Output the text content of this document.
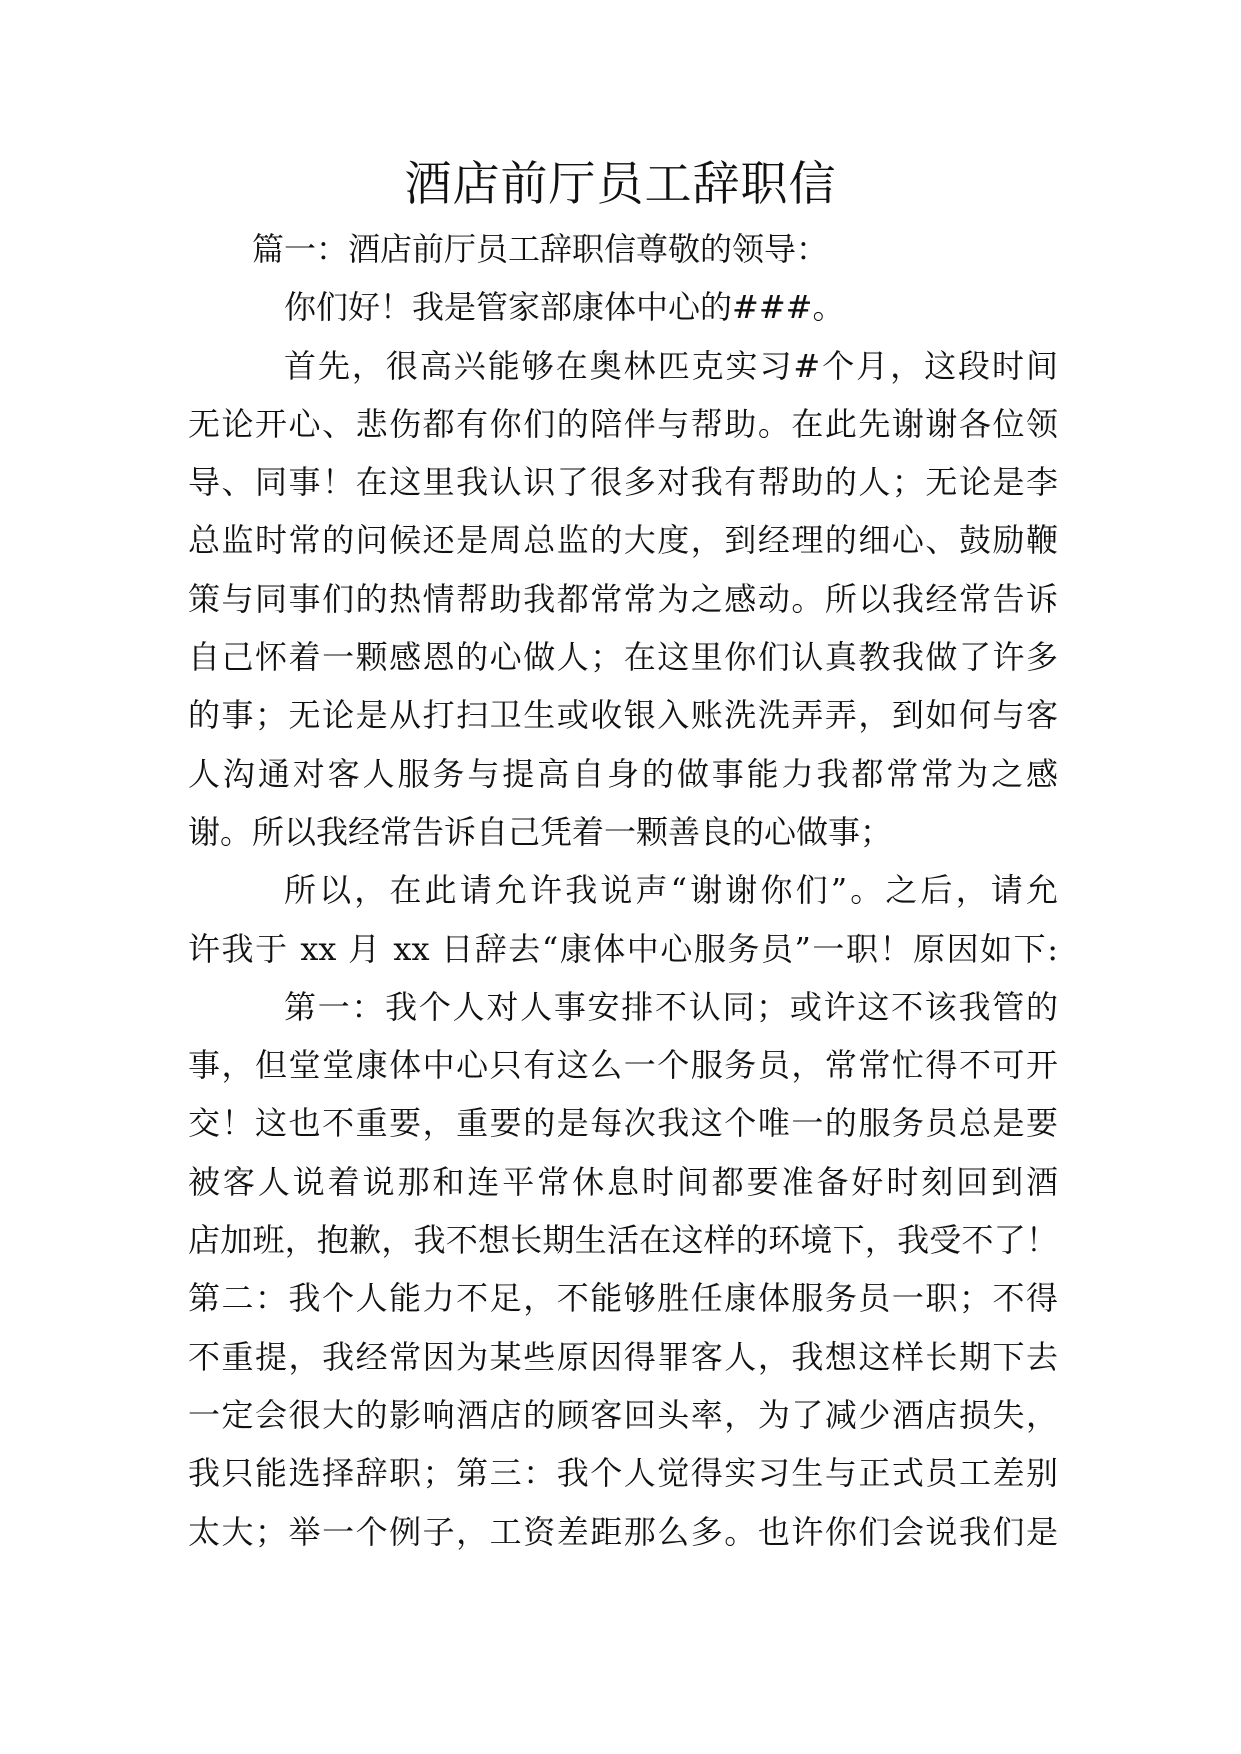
酒店前厅员工辞职信
篇一：酒店前厅员工辞职信尊敬的领导：
你们好！我是管家部康体中心的###。
首先，很高兴能够在奥林匹克实习#个月，这段时间
无论开心、悲伤都有你们的陪伴与帮助。在此先谢谢各位领
导、同事！在这里我认识了很多对我有帮助的人；无论是李
总监时常的问候还是周总监的大度，到经理的细心、鼓励鞭
策与同事们的热情帮助我都常常为之感动。所以我经常告诉
自己怀着一颗感恩的心做人；在这里你们认真教我做了许多
的事；无论是从打扫卫生或收银入账洗洗弄弄，到如何与客
人沟通对客人服务与提高自身的做事能力我都常常为之感
谢。所以我经常告诉自己凭着一颗善良的心做事；
所以，在此请允许我说声“谢谢你们”。之后，请允
许我于 xx 月 xx 日辞去“康体中心服务员”一职！原因如下:
第一：我个人对人事安排不认同；或许这不该我管的
事，但堂堂康体中心只有这么一个服务员，常常忙得不可开
交！这也不重要，重要的是每次我这个唯一的服务员总是要
被客人说着说那和连平常休息时间都要准备好时刻回到酒
店加班，抱歉，我不想长期生活在这样的环境下，我受不了！
第二：我个人能力不足，不能够胜任康体服务员一职；不得
不重提，我经常因为某些原因得罪客人，我想这样长期下去
一定会很大的影响酒店的顾客回头率，为了减少酒店损失，
我只能选择辞职；第三：我个人觉得实习生与正式员工差别
太大；举一个例子，工资差距那么多。也许你们会说我们是
